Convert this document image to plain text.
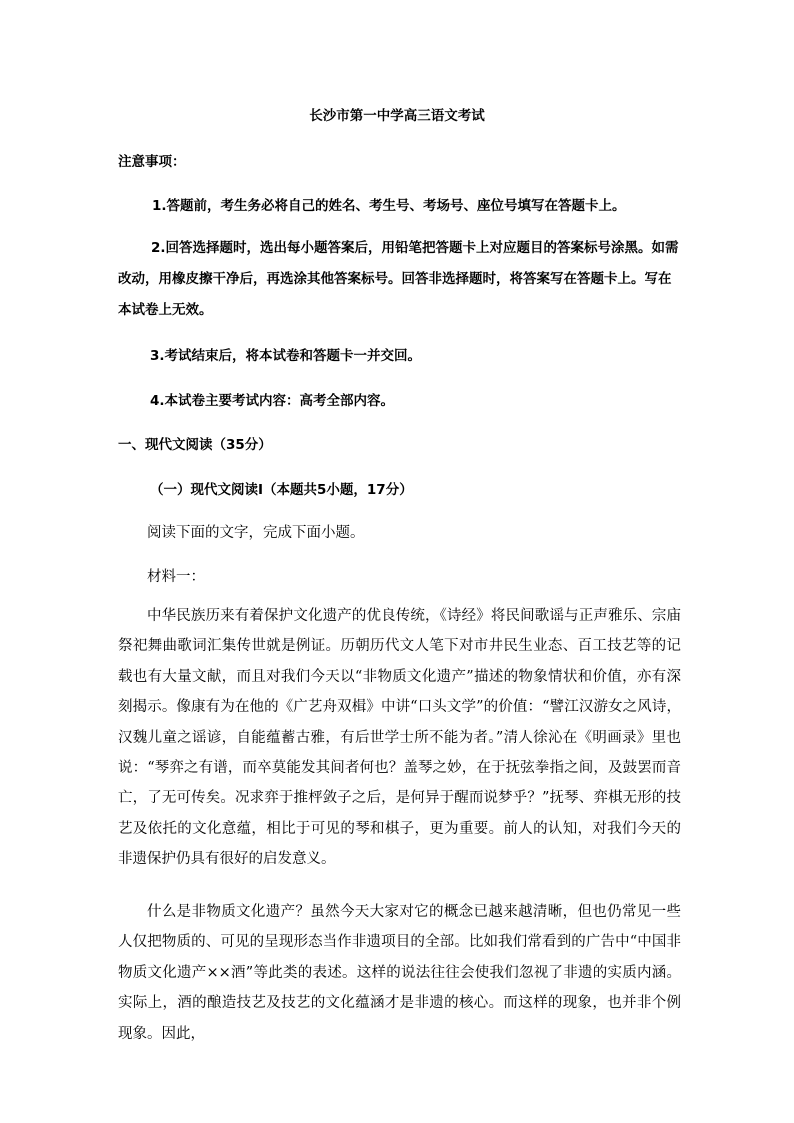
长沙市第一中学高三语文考试
注意事项：
1.答题前，考生务必将自己的姓名、考生号、考场号、座位号填写在答题卡上。
2.回答选择题时，选出每小题答案后，用铅笔把答题卡上对应题目的答案标号涂黑。如需改动，用橡皮擦干净后，再选涂其他答案标号。回答非选择题时，将答案写在答题卡上。写在本试卷上无效。
3.考试结束后，将本试卷和答题卡一并交回。
4.本试卷主要考试内容：高考全部内容。
一、现代文阅读（35分）
（一）现代文阅读Ⅰ（本题共5小题，17分）
阅读下面的文字，完成下面小题。
材料一：
中华民族历来有着保护文化遗产的优良传统，《诗经》将民间歌谣与正声雅乐、宗庙祭祀舞曲歌词汇集传世就是例证。历朝历代文人笔下对市井民生业态、百工技艺等的记载也有大量文献，而且对我们今天以“非物质文化遗产”描述的物象情状和价值，亦有深刻揭示。像康有为在他的《广艺舟双楫》中讲“口头文学”的价值：“譬江汉游女之风诗，汉魏儿童之谣谚，自能蕴蓄古雅，有后世学士所不能为者。”清人徐沁在《明画录》里也说：“琴弈之有谱，而卒莫能发其间者何也？盖琴之妙，在于抚弦拳指之间，及鼓罢而音亡，了无可传矣。况求弈于推枰敛子之后，是何异于醒而说梦乎？”抚琴、弈棋无形的技艺及依托的文化意蕴，相比于可见的琴和棋子，更为重要。前人的认知，对我们今天的非遗保护仍具有很好的启发意义。
什么是非物质文化遗产？虽然今天大家对它的概念已越来越清晰，但也仍常见一些人仅把物质的、可见的呈现形态当作非遗项目的全部。比如我们常看到的广告中“中国非物质文化遗产××酒”等此类的表述。这样的说法往往会使我们忽视了非遗的实质内涵。实际上，酒的酿造技艺及技艺的文化蕴涵才是非遗的核心。而这样的现象，也并非个例现象。因此，
